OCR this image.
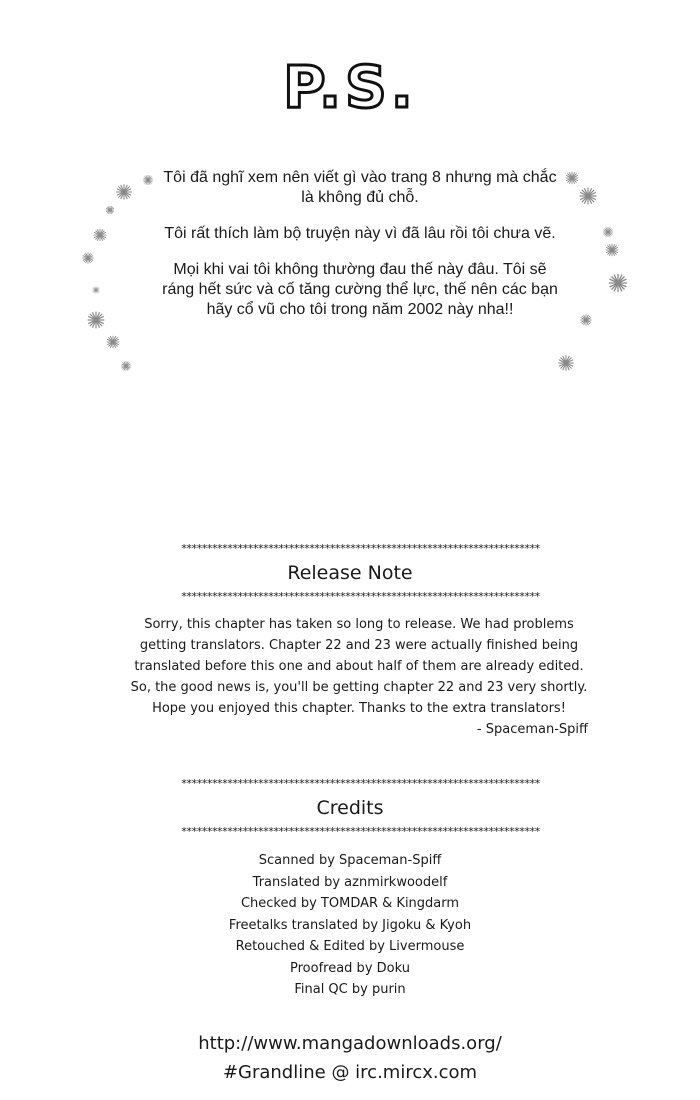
P.S.

Tôi đã nghĩ xem nên viết gì vào trang 8 nhưng mà chắc là không đủ chỗ.

Tôi rất thích làm bộ truyện này vì đã lâu rồi tôi chưa vẽ.

Mọi khi vai tôi không thường đau thế này đâu. Tôi sẽ ráng hết sức và cố tăng cường thể lực, thế nên các bạn hãy cổ vũ cho tôi trong năm 2002 này nha!!

**********************************************************************
Release Note
**********************************************************************
Sorry, this chapter has taken so long to release. We had problems getting translators. Chapter 22 and 23 were actually finished being translated before this one and about half of them are already edited. So, the good news is, you'll be getting chapter 22 and 23 very shortly. Hope you enjoyed this chapter. Thanks to the extra translators!
- Spaceman-Spiff
**********************************************************************
Credits
**********************************************************************
Scanned by Spaceman-Spiff
Translated by aznmirkwoodelf
Checked by TOMDAR & Kingdarm
Freetalks translated by Jigoku & Kyoh
Retouched & Edited by Livermouse
Proofread by Doku
Final QC by purin
http://www.mangadownloads.org/
#Grandline @ irc.mircx.com
